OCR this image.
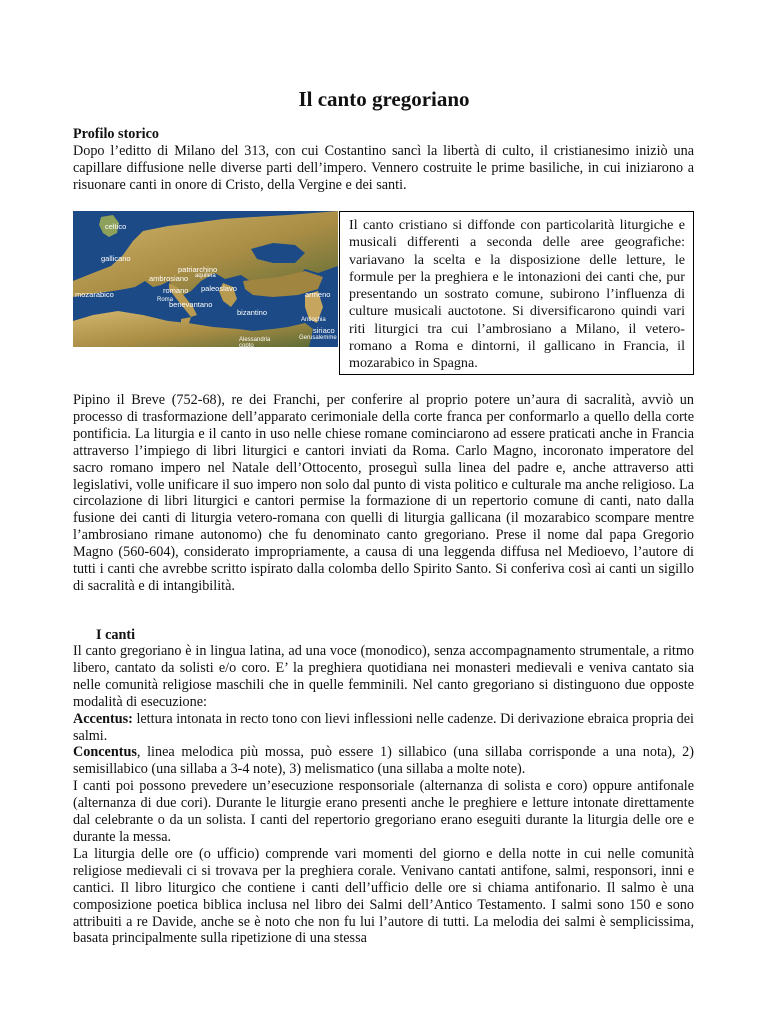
Il canto gregoriano
Profilo storico

Dopo l’editto di Milano del 313, con cui Costantino sancì la libertà di culto, il cristianesimo iniziò una capillare diffusione nelle diverse parti dell’impero. Vennero costruite le prime basiliche, in cui iniziarono a risuonare canti in onore di Cristo, della Vergine e dei santi.

celtico
gallicano
patriarchino
ambrosiano aquileia
mozarabico	romano paleoslavo
benevantano
Roma
bizantino
armeno
Antiochia
siriaco
Gerusalemme
Alessandria
copto

Il canto cristiano si diffonde con particolarità liturgiche e musicali differenti a seconda delle aree geografiche: variavano la scelta e la disposizione delle letture, le formule per la preghiera e le intonazioni dei canti che, pur presentando un sostrato comune, subirono l’influenza di culture musicali auctotone. Si diversificarono quindi vari riti liturgici tra cui l’ambrosiano a Milano, il vetero-romano a Roma e dintorni, il gallicano in Francia, il mozarabico in Spagna.

Pipino il Breve (752-68), re dei Franchi, per conferire al proprio potere un’aura di sacralità, avviò un processo di trasformazione dell’apparato cerimoniale della corte franca per conformarlo a quello della corte pontificia. La liturgia e il canto in uso nelle chiese romane cominciarono ad essere praticati anche in Francia attraverso l’impiego di libri liturgici e cantori inviati da Roma. Carlo Magno, incoronato imperatore del sacro romano impero nel Natale dell’Ottocento, proseguì sulla linea del padre e, anche attraverso atti legislativi, volle unificare il suo impero non solo dal punto di vista politico e culturale ma anche religioso. La circolazione di libri liturgici e cantori permise la formazione di un repertorio comune di canti, nato dalla fusione dei canti di liturgia vetero-romana con quelli di liturgia gallicana (il mozarabico scompare mentre l’ambrosiano rimane autonomo) che fu denominato canto gregoriano. Prese il nome dal papa Gregorio Magno (560-604), considerato impropriamente, a causa di una leggenda diffusa nel Medioevo, l’autore di tutti i canti che avrebbe scritto ispirato dalla colomba dello Spirito Santo. Si conferiva così ai canti un sigillo di sacralità e di intangibilità.

I canti

Il canto gregoriano è in lingua latina, ad una voce (monodico), senza accompagnamento strumentale, a ritmo libero, cantato da solisti e/o coro. E’ la preghiera quotidiana nei monasteri medievali e veniva cantato sia nelle comunità religiose maschili che in quelle femminili. Nel canto gregoriano si distinguono due opposte modalità di esecuzione:

Accentus: lettura intonata in recto tono con lievi inflessioni nelle cadenze. Di derivazione ebraica propria dei salmi.

Concentus, linea melodica più mossa, può essere 1) sillabico (una sillaba corrisponde a una nota), 2) semisillabico (una sillaba a 3-4 note), 3) melismatico (una sillaba a molte note).

I canti poi possono prevedere un’esecuzione responsoriale (alternanza di solista e coro) oppure antifonale (alternanza di due cori). Durante le liturgie erano presenti anche le preghiere e letture intonate direttamente dal celebrante o da un solista. I canti del repertorio gregoriano erano eseguiti durante la liturgia delle ore e durante la messa.

La liturgia delle ore (o ufficio) comprende vari momenti del giorno e della notte in cui nelle comunità religiose medievali ci si trovava per la preghiera corale. Venivano cantati antifone, salmi, responsori, inni e cantici. Il libro liturgico che contiene i canti dell’ufficio delle ore si chiama antifonario. Il salmo è una composizione poetica biblica inclusa nel libro dei Salmi dell’Antico Testamento. I salmi sono 150 e sono attribuiti a re Davide, anche se è noto che non fu lui l’autore di tutti. La melodia dei salmi è semplicissima, basata principalmente sulla ripetizione di una stessa
